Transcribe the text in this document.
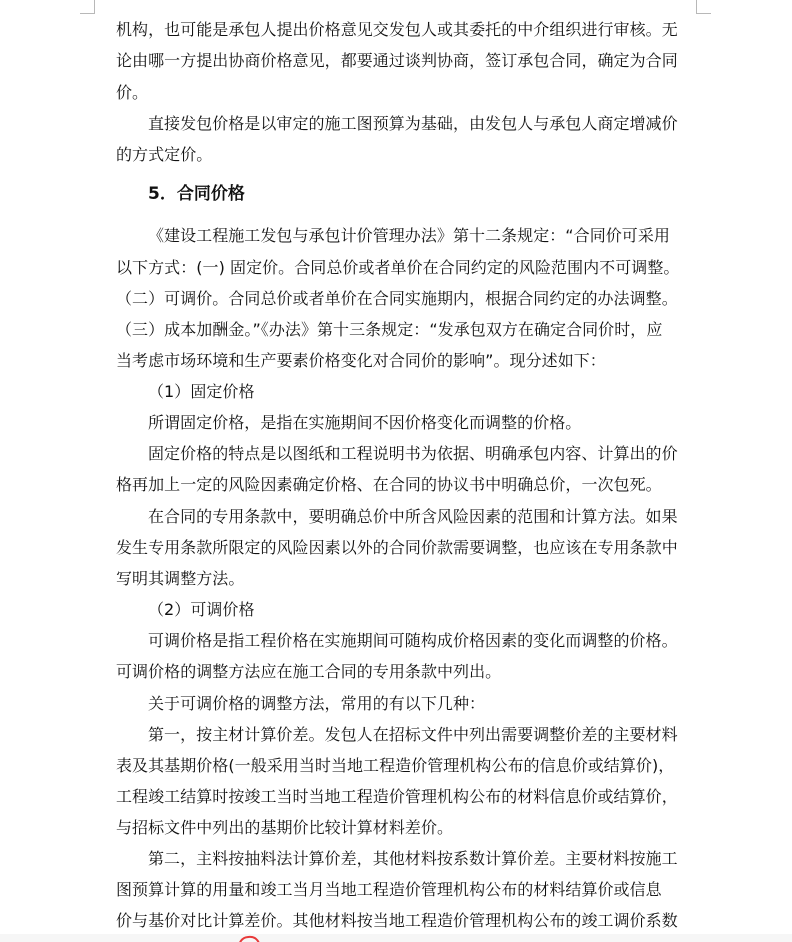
机构，也可能是承包人提出价格意见交发包人或其委托的中介组织进行审核。无
论由哪一方提出协商价格意见，都要通过谈判协商，签订承包合同，确定为合同
价。
直接发包价格是以审定的施工图预算为基础，由发包人与承包人商定增减价
的方式定价。
5．合同价格
《建设工程施工发包与承包计价管理办法》第十二条规定：“合同价可采用
以下方式：(一) 固定价。合同总价或者单价在合同约定的风险范围内不可调整。
（二）可调价。合同总价或者单价在合同实施期内，根据合同约定的办法调整。
（三）成本加酬金。”《办法》第十三条规定：“发承包双方在确定合同价时，应
当考虑市场环境和生产要素价格变化对合同价的影响”。现分述如下：
（1）固定价格
所谓固定价格，是指在实施期间不因价格变化而调整的价格。
固定价格的特点是以图纸和工程说明书为依据、明确承包内容、计算出的价
格再加上一定的风险因素确定价格、在合同的协议书中明确总价，一次包死。
在合同的专用条款中，要明确总价中所含风险因素的范围和计算方法。如果
发生专用条款所限定的风险因素以外的合同价款需要调整，也应该在专用条款中
写明其调整方法。
（2）可调价格
可调价格是指工程价格在实施期间可随构成价格因素的变化而调整的价格。
可调价格的调整方法应在施工合同的专用条款中列出。
关于可调价格的调整方法，常用的有以下几种：
第一，按主材计算价差。发包人在招标文件中列出需要调整价差的主要材料
表及其基期价格(一般采用当时当地工程造价管理机构公布的信息价或结算价)，
工程竣工结算时按竣工当时当地工程造价管理机构公布的材料信息价或结算价，
与招标文件中列出的基期价比较计算材料差价。
第二，主料按抽料法计算价差，其他材料按系数计算价差。主要材料按施工
图预算计算的用量和竣工当月当地工程造价管理机构公布的材料结算价或信息
价与基价对比计算差价。其他材料按当地工程造价管理机构公布的竣工调价系数
